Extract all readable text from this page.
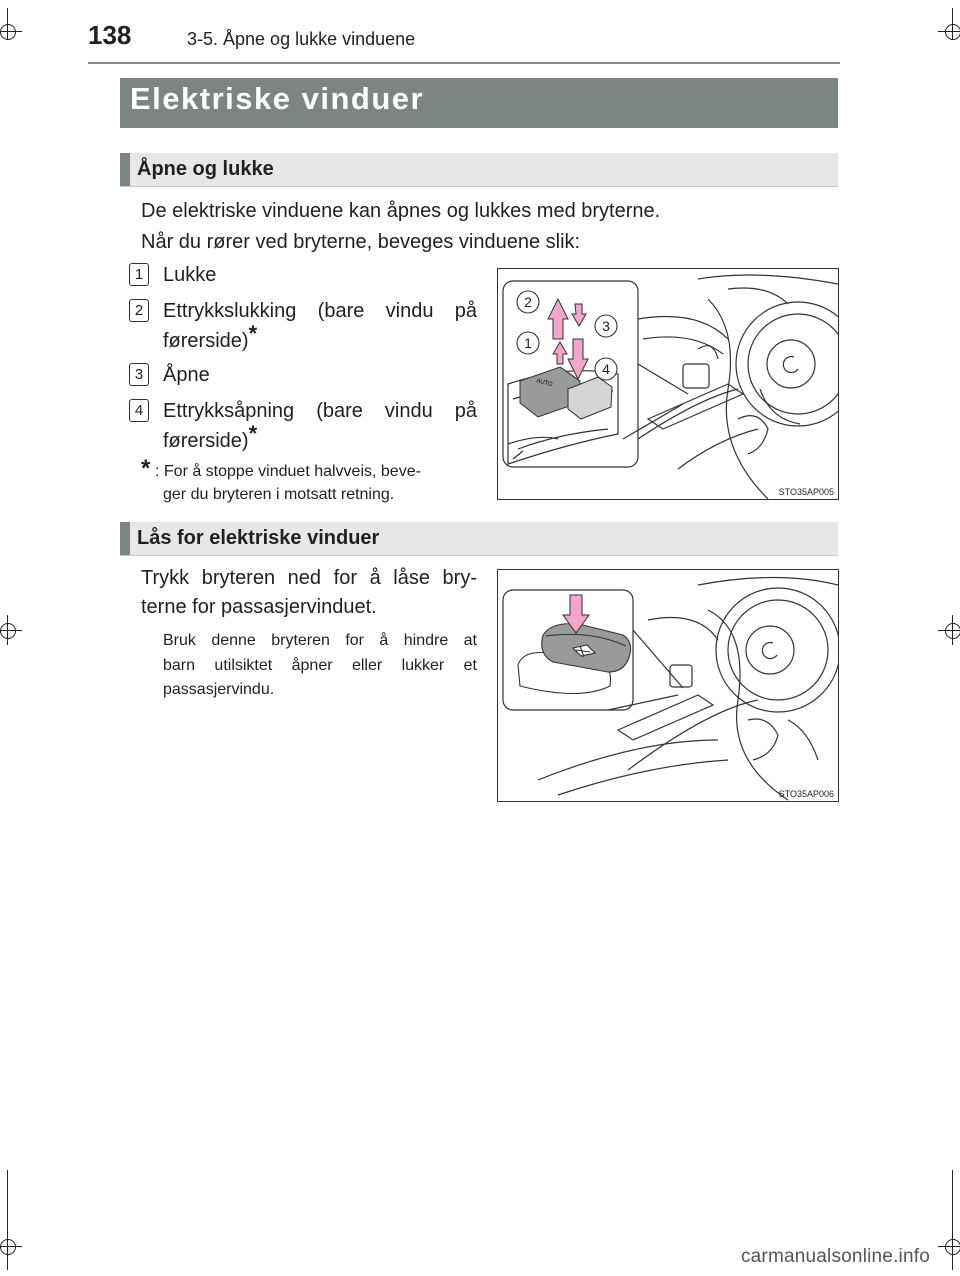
138	3-5. Åpne og lukke vinduene
Elektriske vinduer
Åpne og lukke
De elektriske vinduene kan åpnes og lukkes med bryterne.
Når du rører ved bryterne, beveges vinduene slik:
1 Lukke
2 Ettrykkslukking (bare vindu på
førerside)*
3 Åpne
4 Ettrykksåpning (bare vindu på
førerside)*
* : For å stoppe vinduet halvveis, beve-
ger du bryteren i motsatt retning.
AUTO
2
1
3
4
STO35AP005
Lås for elektriske vinduer
Trykk bryteren ned for å låse bry-
terne for passasjervinduet.
Bruk denne bryteren for å hindre at
barn utilsiktet åpner eller lukker et
passasjervindu.
STO35AP006
carmanualsonline.info
